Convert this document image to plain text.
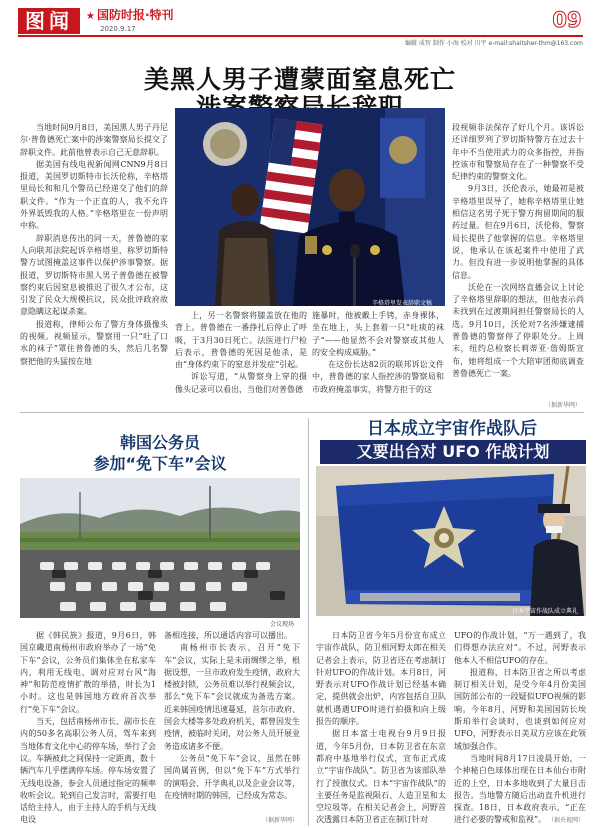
图闻	★ 国防时报·特刊
2020.9.17	09
编辑 成智 制作 小海 校对 川宇 e-mail:shaitsher-thm@163.com
美黑人男子遭蒙面窒息死亡

当地时间9月8日，美国黑人男子丹尼尔·普鲁德死亡案中的涉案警察局长提交了辞职文件。此前他曾表示自己无意辞职。

据美国有线电视新闻网CNN9月8日报道，美国罗切斯特市长沃伦称，辛格塔里局长和和几个警员已经递交了他们的辞职文件。“作为一个正直的人，我不允许外界诋毁我的人格。”辛格塔里在一份声明中称。

辞职消息传出的同一天，普鲁德的家人向联邦法院起诉辛格塔里、称罗切斯特警方试图掩盖这事件以保护涉事警察。据报道，罗切斯特市黑人男子普鲁德在被警察约束后因窒息被推迟了很久才公布，这引发了民众大规模抗议，民众批评政府故意隐瞒这起谋杀案。

报道称，律师公布了警方身体摄像头的视频。视频显示，警察用一只“吐了口水的袜子”罩住普鲁德的头，然后几名警察把他的头猛按在地

辛格塔里发表辞职文稿

上，另一名警察将膝盖放在他的背上。普鲁德在一番挣扎后停止了呼吸，于3月30日死亡。法医进行尸检后表示，普鲁德的死因是他杀，是由“身体约束下的窒息并发症”引起。

诉讼写道，“从警察身上穿的摄像头记录可以看出，当他们对普鲁德

施暴时，他被戴上手铐，赤身裸体，坐在地上，头上套着一只“吐痰的袜子”——他显然不会对警察或其他人的安全构成威胁。”

在这份长达82页的联邦诉讼文件中，普鲁德的家人指控涉的警察局和市政府掩盖事实，将警方拒于的这

段视频非法保存了好几个月。该诉讼还详细罗列了罗切斯特警方在过去十年中不当使用武力的众多指控，并指控该市和警察局存在了一种警察不受纪律约束的警察文化。

9月3日，沃伦表示，她最初是被辛格塔里误导了，她称辛格塔里让她相信这名男子死于警方拘留期间的服药过量。但在9月6日，沃伦称，警察局长提供了他掌握的信息。辛格塔里说，他承认在该起案件中使用了武力。但没有进一步说明他掌握的具体信息。

沃伦在一次网络直播会议上讨论了辛格塔里辞职的想法，但他表示尚未找到在过渡期间担任警察局长的人选。9月10日，沃伦对7名涉嫌逮捕普鲁德的警察停了停职处分。上周末，纽约总检察长莉蒂亚·詹姆斯宣布，她将组成一个大陪审团彻底调查普鲁德死亡一案。

（据新华网）
韩国公务员
参加“免下车”会议
会议现场

据《韩民族》报道，9月6日，韩国京畿道南杨州市政府举办了一场“免下车”会议，公务员们集体坐在私家车内，利用无线电、调对应对台风“海神”和防范疫情扩散的举措，时长为1小时。这也是韩国地方政府首次举行“免下车”会议。

当天，包括南杨州市长、副市长在内的50多名高职公务人员，驾车来到当地体育文化中心的停车场，举行了会议。车辆被此之间保持一定距离，数十辆汽车几乎摆满停车场。停车场安置了无线电设备，参会人员通过指定的频率收听会议。轮到自己发言时，需要打电话给主持人，由于主持人的手机与无线电设

备相连接，所以通话内容可以播出。

南杨州市长表示，召开“免下车”会议，实际上是未雨绸缪之举，根据设想，一旦市政府发生疫情，政府大楼被封锁，公务员难以举行视频会议，那么“免下车”会议就成为备选方案。近来韩国疫情迅速蔓延，首尔市政府、国会大楼等多处政府机关，都曾因发生疫情，被临时关闭，对公务人员开展业务造成诸多不便。

公务员“免下车”会议，虽然在韩国尚属首例，但以“免下车”方式举行的演唱会、开学典礼以及企业会议等，在疫情时期的韩国，已经成为常态。

（据新华网）
日本成立宇宙作战队后
又要出台对 UFO 作战计划
日本宇宙作战队成立典礼

日本防卫省今年5月份宣布成立宇宙作战队，防卫相河野太郎在相关记者会上表示，防卫省还在考虑制订针对UFO的作战计划。本月8日，河野表示对UFO作战计划已经基本确定，提供就会出炉，内容包括自卫队就机遇遇UFO时进行拍摄和向上级报告的顺序。

据日本富士电视台9月9日报道，今年5月份，日本防卫省在东京都府中基地举行仪式，宣布正式成立“宇宙作战队”。防卫省为该部队举行了授旗仪式。日本“宇宙作战队”的主要任务是监视陨石、人造卫星和太空垃圾等。在相关记者会上，河野首次透露日本防卫省正在制订针对

UFO的作战计划，“万一遇到了，我们得想办法应对”。不过，河野表示他本人不相信UFO的存在。

报道称，日本防卫省之所以考虑制订相关计划，是受今年4月份美国国防部公布的一段疑似UFO视频的影响。今年8月，河野和美国国防长埃斯珀举行会谈时，也谈到如何应对UFO，河野表示日美双方应该在此领域加强合作。

当地时间8月17日凌晨开始，一个神秘白色球体出现在日本仙台市附近的上空，日本多地收到了大量目击报告。当地警方随后出动直升机进行探查。18日，日本政府表示，“正在进行必要的警戒和监视”。 （据央视网）
